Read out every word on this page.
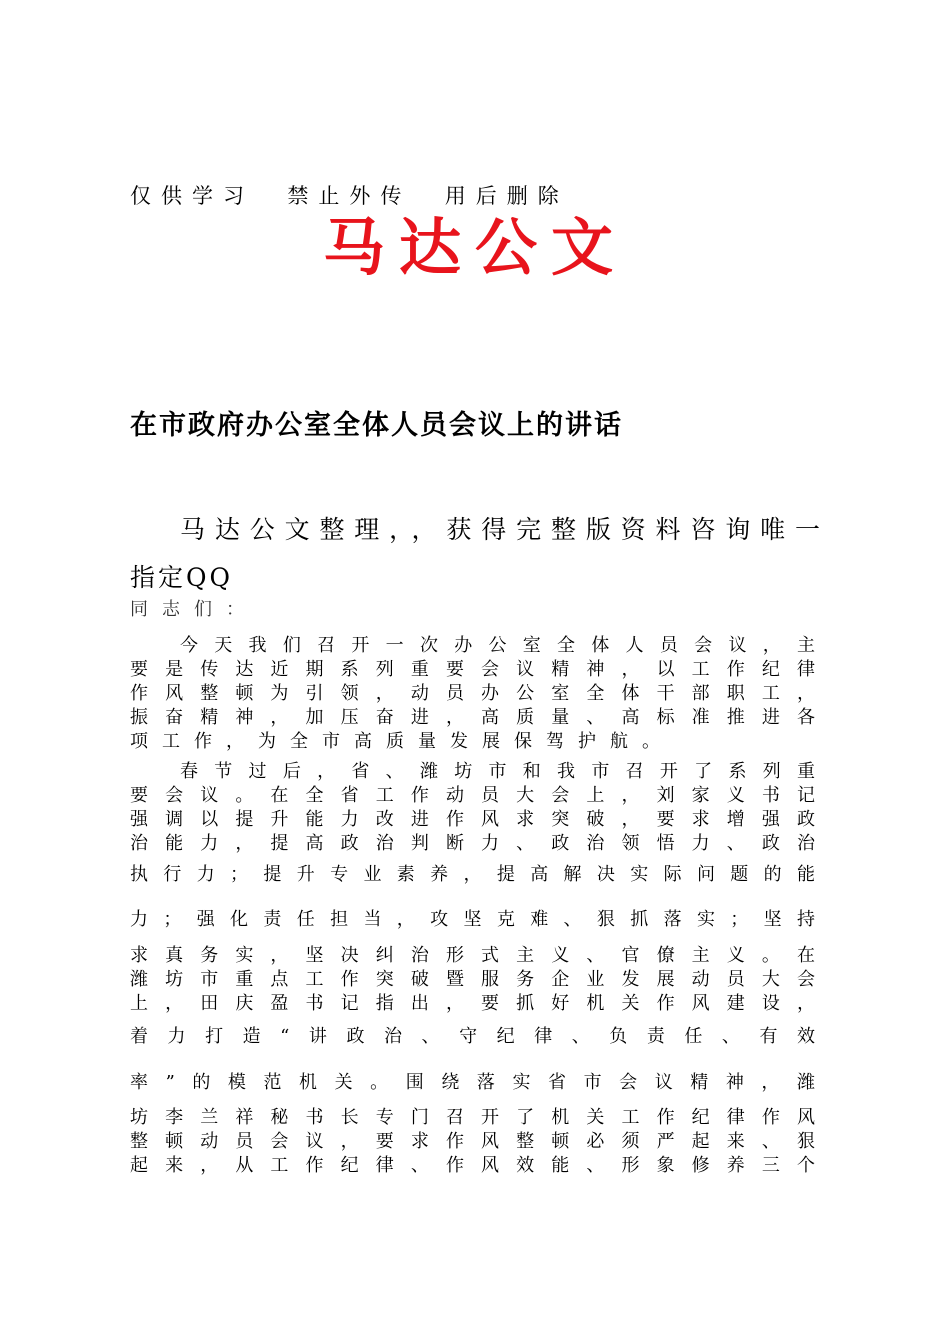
仅供学习  禁止外传  用后删除
马达公文
在市政府办公室全体人员会议上的讲话
马达公文整理，，获得完整版资料咨询唯一
指定QQ
同志们：
今天我们召开一次办公室全体人员会议，主
要是传达近期系列重要会议精神，以工作纪律
作风整顿为引领，动员办公室全体干部职工，
振奋精神，加压奋进，高质量、高标准推进各
项工作，为全市高质量发展保驾护航。
春节过后，省、潍坊市和我市召开了系列重
要会议。在全省工作动员大会上，刘家义书记
强调以提升能力改进作风求突破，要求增强政
治能力，提高政治判断力、政治领悟力、政治
执行力；提升专业素养，提高解决实际问题的能
力；强化责任担当，攻坚克难、狠抓落实；坚持
求真务实，坚决纠治形式主义、官僚主义。在
潍坊市重点工作突破暨服务企业发展动员大会
上，田庆盈书记指出，要抓好机关作风建设，
着力打造“讲政治、守纪律、负责任、有效
率”的模范机关。围绕落实省市会议精神，潍
坊李兰祥秘书长专门召开了机关工作纪律作风
整顿动员会议，要求作风整顿必须严起来、狠
起来，从工作纪律、作风效能、形象修养三个
